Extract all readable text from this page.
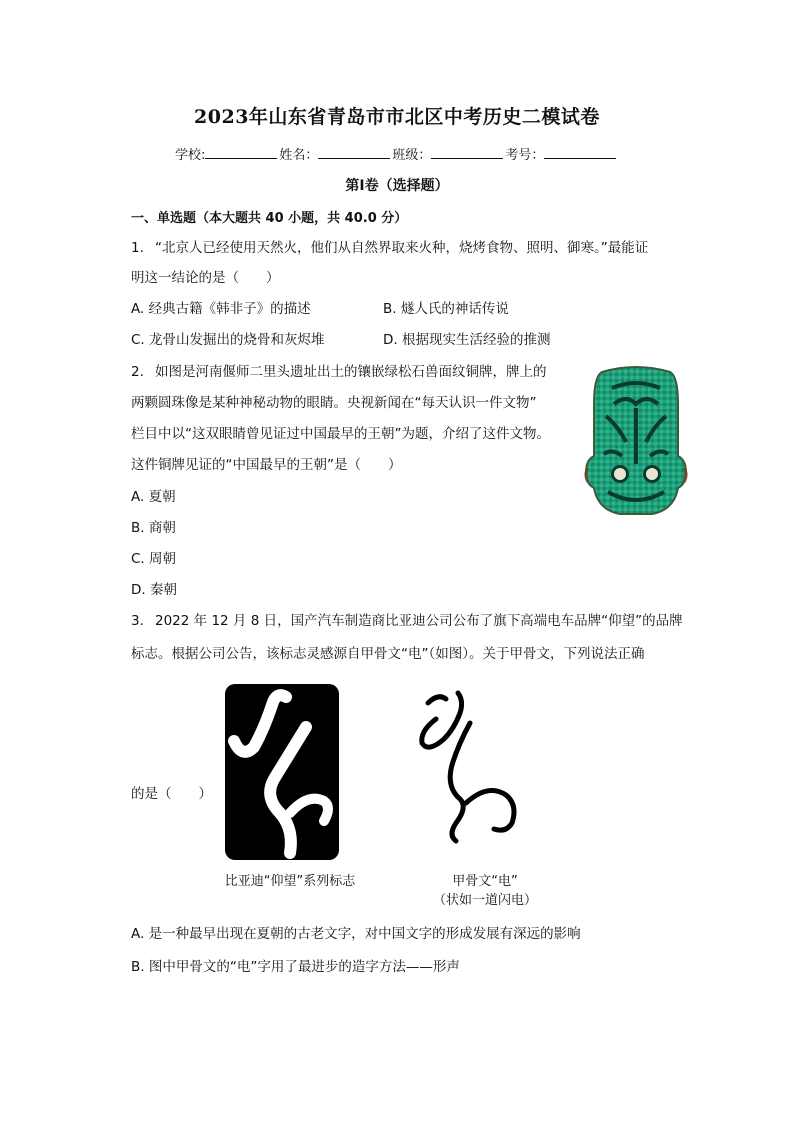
2023年山东省青岛市市北区中考历史二模试卷
学校:	姓名：	班级：	考号：
第I卷（选择题）
一、单选题（本大题共 40 小题，共 40.0 分）
1. “北京人已经使用天然火，他们从自然界取来火种，烧烤食物、照明、御寒。”最能证
明这一结论的是（　　）
A. 经典古籍《韩非子》的描述	B. 燧人氏的神话传说
C. 龙骨山发掘出的烧骨和灰烬堆	D. 根据现实生活经验的推测
2. 如图是河南偃师二里头遗址出土的镶嵌绿松石兽面纹铜牌，牌上的
两颗圆珠像是某种神秘动物的眼睛。央视新闻在“每天认识一件文物”
栏目中以“这双眼睛曾见证过中国最早的王朝”为题，介绍了这件文物。
这件铜牌见证的“中国最早的王朝”是（　　）
A. 夏朝
B. 商朝
C. 周朝
D. 秦朝
3. 2022 年 12 月 8 日，国产汽车制造商比亚迪公司公布了旗下高端电车品牌“仰望”的品牌
标志。根据公司公告，该标志灵感源自甲骨文“电”（如图）。关于甲骨文，下列说法正确
的是（　　）
比亚迪“仰望”系列标志	甲骨文“电”
（状如一道闪电）
A. 是一种最早出现在夏朝的古老文字，对中国文字的形成发展有深远的影响
B. 图中甲骨文的“电”字用了最进步的造字方法——形声
